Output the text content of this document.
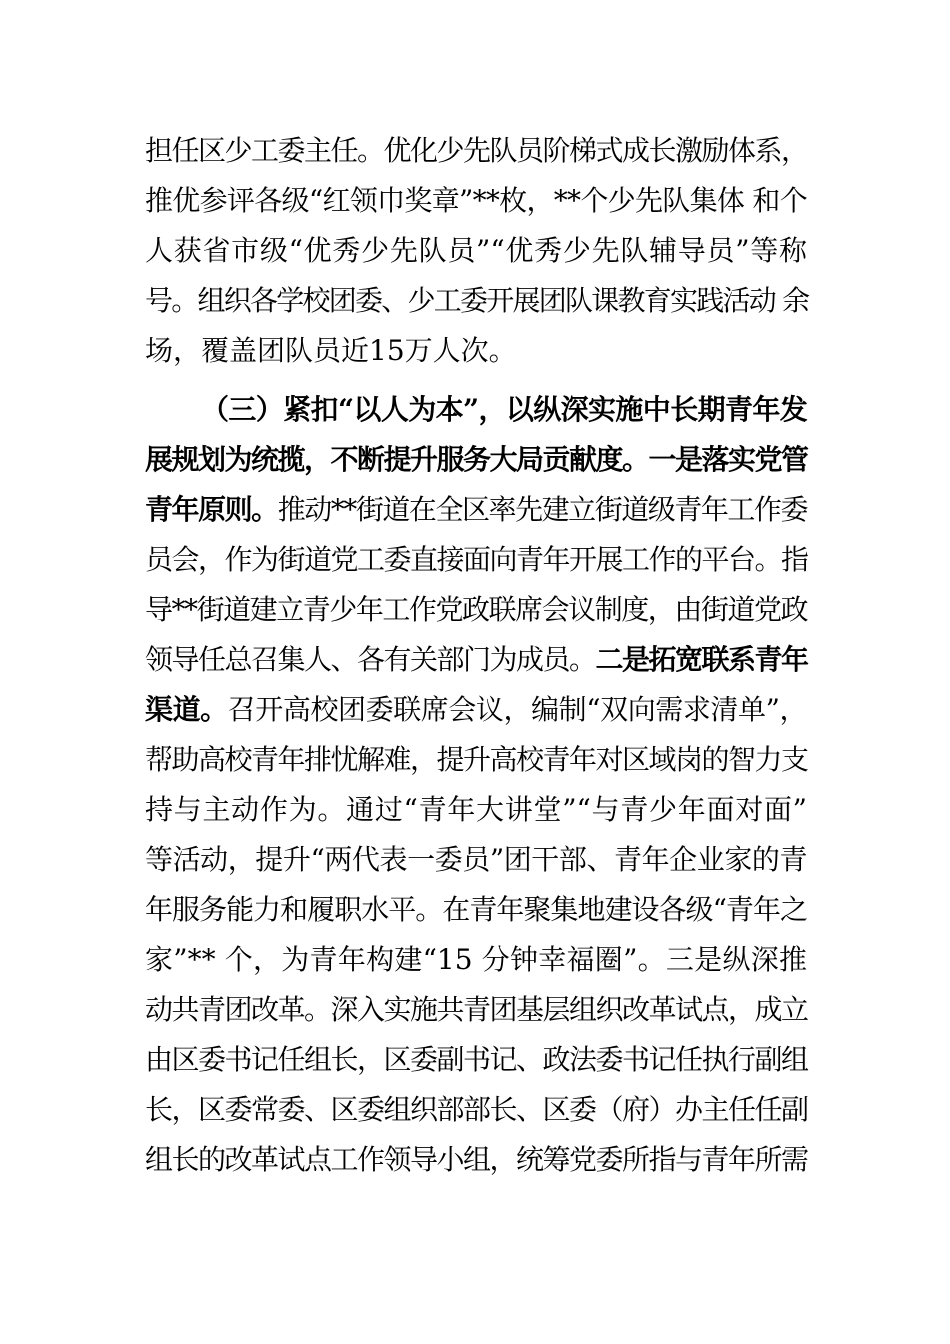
担任区少工委主任。优化少先队员阶梯式成长激励体系，
推优参评各级“红领巾奖章”**枚，**个少先队集体 和个
人获省市级“优秀少先队员”“优秀少先队辅导员”等称
号。组织各学校团委、少工委开展团队课教育实践活动 余
场，覆盖团队员近15万人次。
（三）紧扣“以人为本”，以纵深实施中长期青年发
展规划为统揽，不断提升服务大局贡献度。一是落实党管
青年原则。推动**街道在全区率先建立街道级青年工作委
员会，作为街道党工委直接面向青年开展工作的平台。指
导**街道建立青少年工作党政联席会议制度，由街道党政
领导任总召集人、各有关部门为成员。二是拓宽联系青年
渠道。召开高校团委联席会议，编制“双向需求清单”，
帮助高校青年排忧解难，提升高校青年对区域岗的智力支
持与主动作为。通过“青年大讲堂”“与青少年面对面”
等活动，提升“两代表一委员”团干部、青年企业家的青
年服务能力和履职水平。在青年聚集地建设各级“青年之
家”** 个，为青年构建“15 分钟幸福圈”。三是纵深推
动共青团改革。深入实施共青团基层组织改革试点，成立
由区委书记任组长，区委副书记、政法委书记任执行副组
长，区委常委、区委组织部部长、区委（府）办主任任副
组长的改革试点工作领导小组，统筹党委所指与青年所需
